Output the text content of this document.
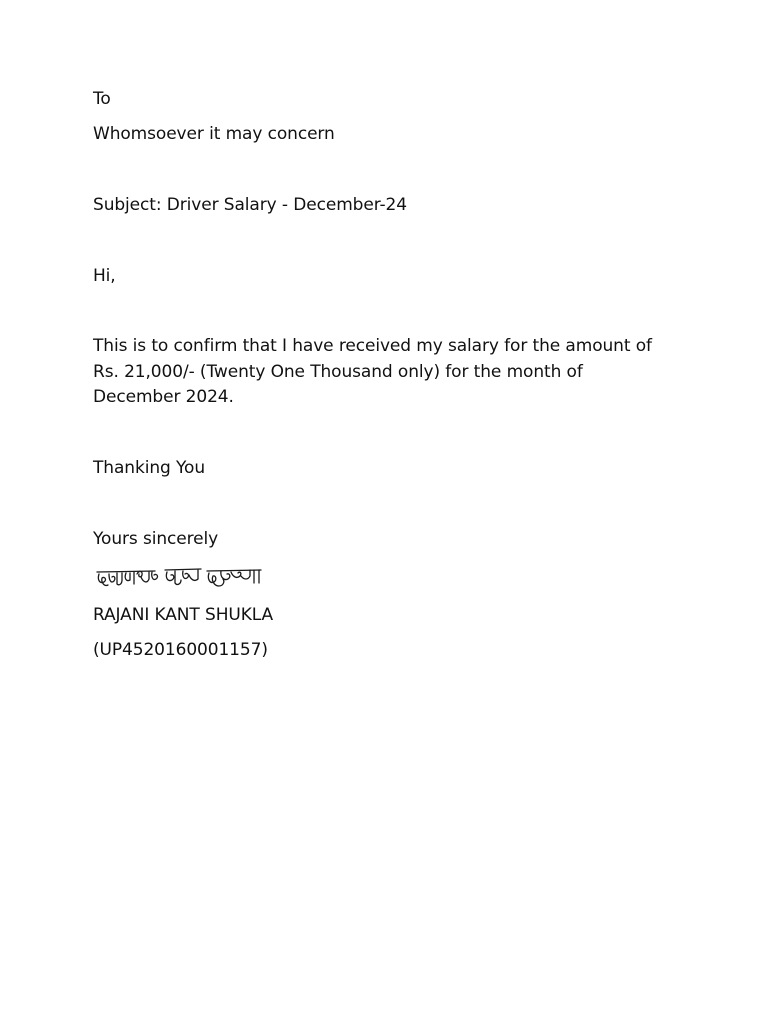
To
Whomsoever it may concern
Subject: Driver Salary - December-24
Hi,
This is to confirm that I have received my salary for the amount of
Rs. 21,000/- (Twenty One Thousand only) for the month of
December 2024.
Thanking You
Yours sincerely
RAJANI KANT SHUKLA
(UP4520160001157)
